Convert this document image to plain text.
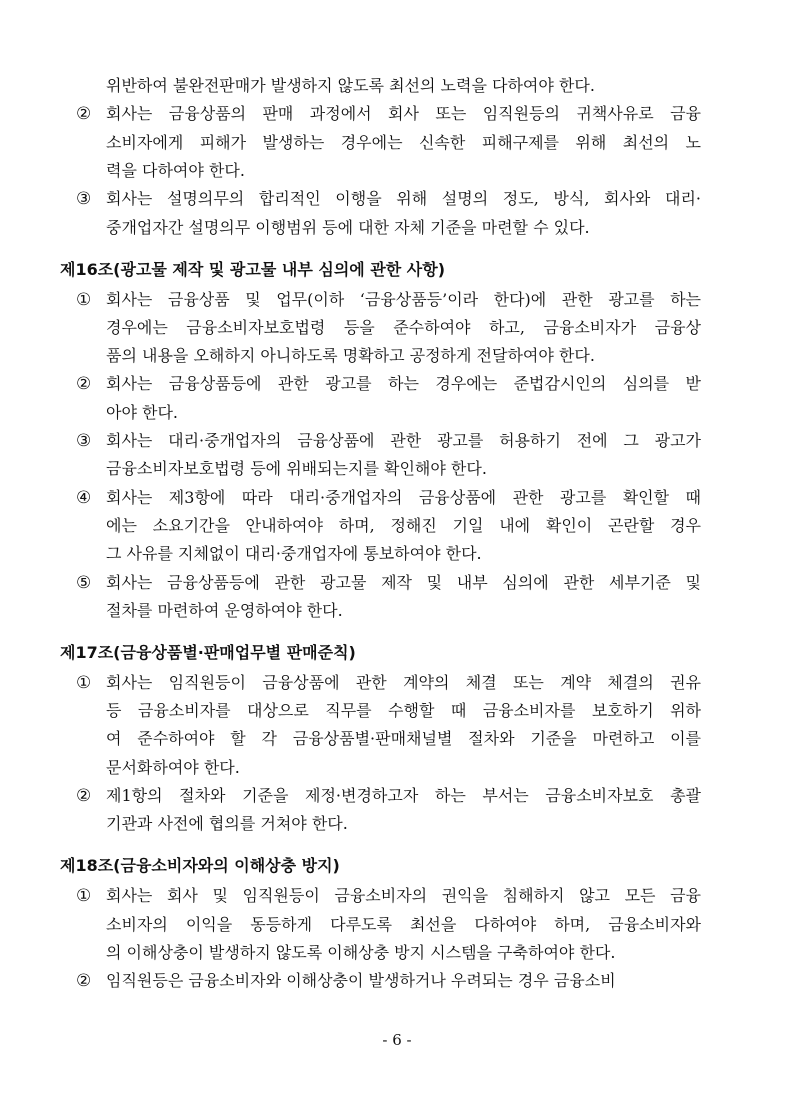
- 6 -
위반하여 불완전판매가 발생하지 않도록 최선의 노력을 다하여야 한다.
② 회사는 금융상품의 판매 과정에서 회사 또는 임직원등의 귀책사유로 금융
소비자에게 피해가 발생하는 경우에는 신속한 피해구제를 위해 최선의 노
력을 다하여야 한다.
③ 회사는 설명의무의 합리적인 이행을 위해 설명의 정도, 방식, 회사와 대리·
중개업자간 설명의무 이행범위 등에 대한 자체 기준을 마련할 수 있다.
제16조(광고물 제작 및 광고물 내부 심의에 관한 사항)
① 회사는 금융상품 및 업무(이하 ‘금융상품등’이라 한다)에 관한 광고를 하는
경우에는 금융소비자보호법령 등을 준수하여야 하고, 금융소비자가 금융상
품의 내용을 오해하지 아니하도록 명확하고 공정하게 전달하여야 한다.
② 회사는 금융상품등에 관한 광고를 하는 경우에는 준법감시인의 심의를 받
아야 한다.
③ 회사는 대리·중개업자의 금융상품에 관한 광고를 허용하기 전에 그 광고가
금융소비자보호법령 등에 위배되는지를 확인해야 한다.
④ 회사는 제3항에 따라 대리·중개업자의 금융상품에 관한 광고를 확인할 때
에는 소요기간을 안내하여야 하며, 정해진 기일 내에 확인이 곤란할 경우
그 사유를 지체없이 대리·중개업자에 통보하여야 한다.
⑤ 회사는 금융상품등에 관한 광고물 제작 및 내부 심의에 관한 세부기준 및
절차를 마련하여 운영하여야 한다.
제17조(금융상품별·판매업무별 판매준칙)
① 회사는 임직원등이 금융상품에 관한 계약의 체결 또는 계약 체결의 권유
등 금융소비자를 대상으로 직무를 수행할 때 금융소비자를 보호하기 위하
여 준수하여야 할 각 금융상품별·판매채널별 절차와 기준을 마련하고 이를
문서화하여야 한다.
② 제1항의 절차와 기준을 제정·변경하고자 하는 부서는 금융소비자보호 총괄
기관과 사전에 협의를 거쳐야 한다.
제18조(금융소비자와의 이해상충 방지)
① 회사는 회사 및 임직원등이 금융소비자의 권익을 침해하지 않고 모든 금융
소비자의 이익을 동등하게 다루도록 최선을 다하여야 하며, 금융소비자와
의 이해상충이 발생하지 않도록 이해상충 방지 시스템을 구축하여야 한다.
② 임직원등은 금융소비자와 이해상충이 발생하거나 우려되는 경우 금융소비
